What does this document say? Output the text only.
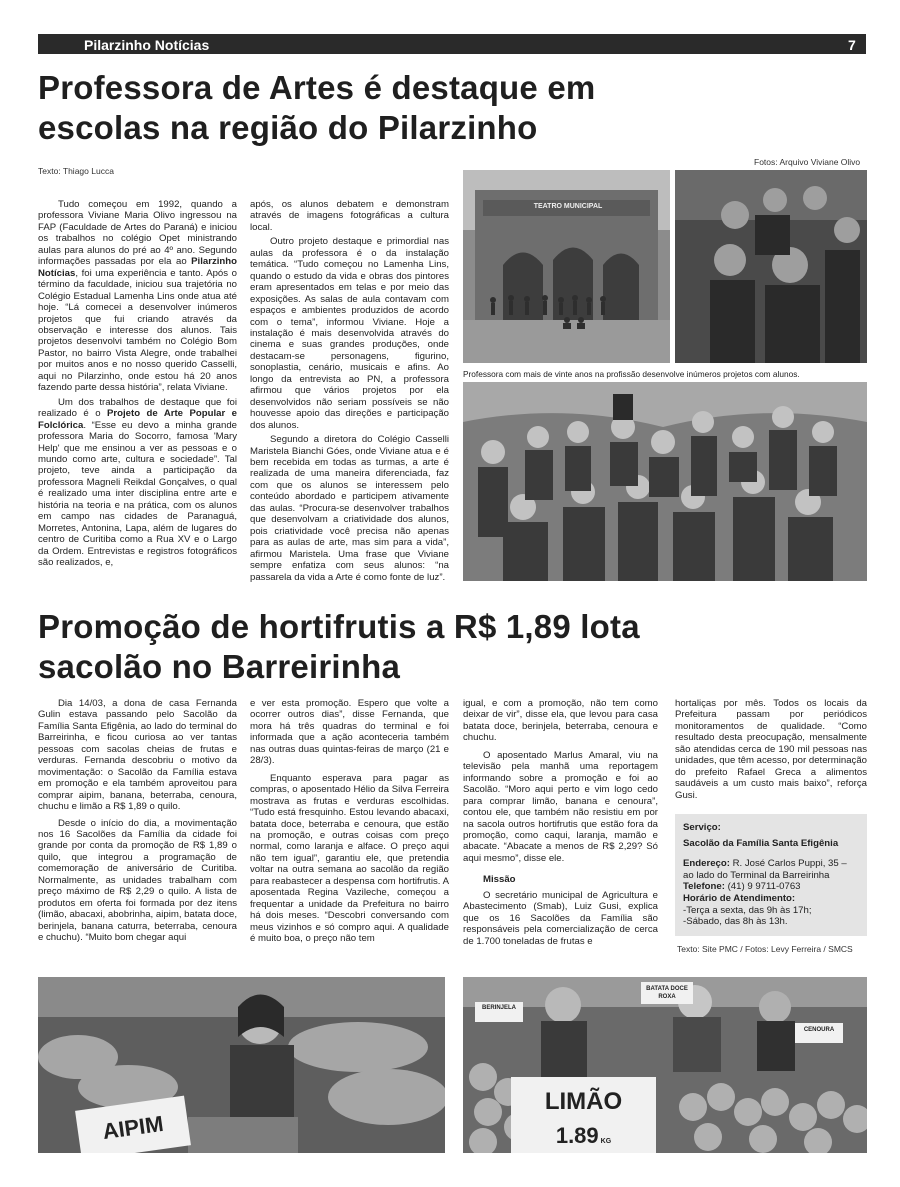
Pilarzinho Notícias	7
Professora de Artes é destaque em escolas na região do Pilarzinho
Texto: Thiago Lucca
Fotos: Arquivo Viviane Olivo

Tudo começou em 1992, quando a professora Viviane Maria Olivo ingressou na FAP (Faculdade de Artes do Paraná) e iniciou os trabalhos no colégio Opet ministrando aulas para alunos do pré ao 4º ano. Segundo informações passadas por ela ao Pilarzinho Notícias, foi uma experiência e tanto. Após o término da faculdade, iniciou sua trajetória no Colégio Estadual Lamenha Lins onde atua até hoje. “Lá comecei a desenvolver inúmeros projetos que fui criando através da observação e interesse dos alunos. Tais projetos desenvolvi também no Colégio Bom Pastor, no bairro Vista Alegre, onde trabalhei por muitos anos e no nosso querido Casselli, aqui no Pilarzinho, onde estou há 20 anos fazendo parte dessa história”, relata Viviane.

Um dos trabalhos de destaque que foi realizado é o Projeto de Arte Popular e Folclórica. “Esse eu devo a minha grande professora Maria do Socorro, famosa 'Mary Help' que me ensinou a ver as pessoas e o mundo como arte, cultura e sociedade”. Tal projeto, teve ainda a participação da professora Magneli Reikdal Gonçalves, o qual é realizado uma inter disciplina entre arte e história na teoria e na prática, com os alunos em campo nas cidades de Paranaguá, Morretes, Antonina, Lapa, além de lugares do centro de Curitiba como a Rua XV e o Largo da Ordem. Entrevistas e registros fotográficos são realizados, e,

após, os alunos debatem e demonstram através de imagens fotográficas a cultura local.

Outro projeto destaque e primordial nas aulas da professora é o da instalação temática. “Tudo começou no Lamenha Lins, quando o estudo da vida e obras dos pintores eram apresentados em telas e por meio das exposições. As salas de aula contavam com espaços e ambientes produzidos de acordo com o tema”, informou Viviane. Hoje a instalação é mais desenvolvida através do cinema e suas grandes produções, onde destacam-se personagens, figurino, sonoplastia, cenário, musicais e afins. Ao longo da entrevista ao PN, a professora afirmou que vários projetos por ela desenvolvidos não seriam possíveis se não houvesse apoio das direções e participação dos alunos.

Segundo a diretora do Colégio Casselli Maristela Bianchi Góes, onde Viviane atua e é bem recebida em todas as turmas, a arte é realizada de uma maneira diferenciada, faz com que os alunos se interessem pelo conteúdo abordado e participem ativamente das aulas. “Procura-se desenvolver trabalhos que desenvolvam a criatividade dos alunos, pois criatividade você precisa não apenas para as aulas de arte, mas sim para a vida”, afirmou Maristela. Uma frase que Viviane sempre enfatiza com seus alunos: “na passarela da vida a Arte é como fonte de luz”.

TEATRO MUNICIPAL
Professora com mais de vinte anos na profissão desenvolve inúmeros projetos com alunos.
Promoção de hortifrutis a R$ 1,89 lota sacolão no Barreirinha

Dia 14/03, a dona de casa Fernanda Gulin estava passando pelo Sacolão da Família Santa Efigênia, ao lado do terminal do Barreirinha, e ficou curiosa ao ver tantas pessoas com sacolas cheias de frutas e verduras. Fernanda descobriu o motivo da movimentação: o Sacolão da Família estava em promoção e ela também aproveitou para comprar aipim, banana, beterraba, cenoura, chuchu e limão a R$ 1,89 o quilo.

Desde o início do dia, a movimentação nos 16 Sacolões da Família da cidade foi grande por conta da promoção de R$ 1,89 o quilo, que integrou a programação de comemoração de aniversário de Curitiba. Normalmente, as unidades trabalham com preço máximo de R$ 2,29 o quilo. A lista de produtos em oferta foi formada por dez itens (limão, abacaxi, abobrinha, aipim, batata doce, berinjela, banana caturra, beterraba, cenoura e chuchu). “Muito bom chegar aqui

e ver esta promoção. Espero que volte a ocorrer outros dias”, disse Fernanda, que mora há três quadras do terminal e foi informada que a ação aconteceria também nas outras duas quintas-feiras de março (21 e 28/3).

Enquanto esperava para pagar as compras, o aposentado Hélio da Silva Ferreira mostrava as frutas e verduras escolhidas. “Tudo está fresquinho. Estou levando abacaxi, batata doce, beterraba e cenoura, que estão na promoção, e outras coisas com preço normal, como laranja e alface. O preço aqui não tem igual”, garantiu ele, que pretendia voltar na outra semana ao sacolão da região para reabastecer a despensa com hortifrutis. A aposentada Regina Vazileche, começou a frequentar a unidade da Prefeitura no bairro há dois meses. “Descobri conversando com meus vizinhos e só compro aqui. A qualidade é muito boa, o preço não tem

igual, e com a promoção, não tem como deixar de vir”, disse ela, que levou para casa batata doce, berinjela, beterraba, cenoura e chuchu.

O aposentado Marlus Amaral, viu na televisão pela manhã uma reportagem informando sobre a promoção e foi ao Sacolão. “Moro aqui perto e vim logo cedo para comprar limão, banana e cenoura”, contou ele, que também não resistiu em por na sacola outros hortifrutis que estão fora da promoção, como caqui, laranja, mamão e abacate. “Abacate a menos de R$ 2,29? Só aqui mesmo”, disse ele.

Missão

O secretário municipal de Agricultura e Abastecimento (Smab), Luiz Gusi, explica que os 16 Sacolões da Família são responsáveis pela comercialização de cerca de 1.700 toneladas de frutas e

hortaliças por mês. Todos os locais da Prefeitura passam por periódicos monitoramentos de qualidade. “Como resultado desta preocupação, mensalmente são atendidas cerca de 190 mil pessoas nas unidades, que têm acesso, por determinação do prefeito Rafael Greca a alimentos saudáveis a um custo mais baixo”, reforça Gusi.

Serviço:
Sacolão da Família Santa Efigênia
Endereço: R. José Carlos Puppi, 35 – ao lado do Terminal da Barreirinha
Telefone: (41) 9 9711-0763
Horário de Atendimento:
-Terça a sexta, das 9h às 17h;
-Sábado, das 8h às 13h.
Texto: Site PMC / Fotos: Levy Ferreira / SMCS
AIPIM
BERINJELA
BATATA DOCE ROXA
CENOURA
LIMÃO
1.89 KG
